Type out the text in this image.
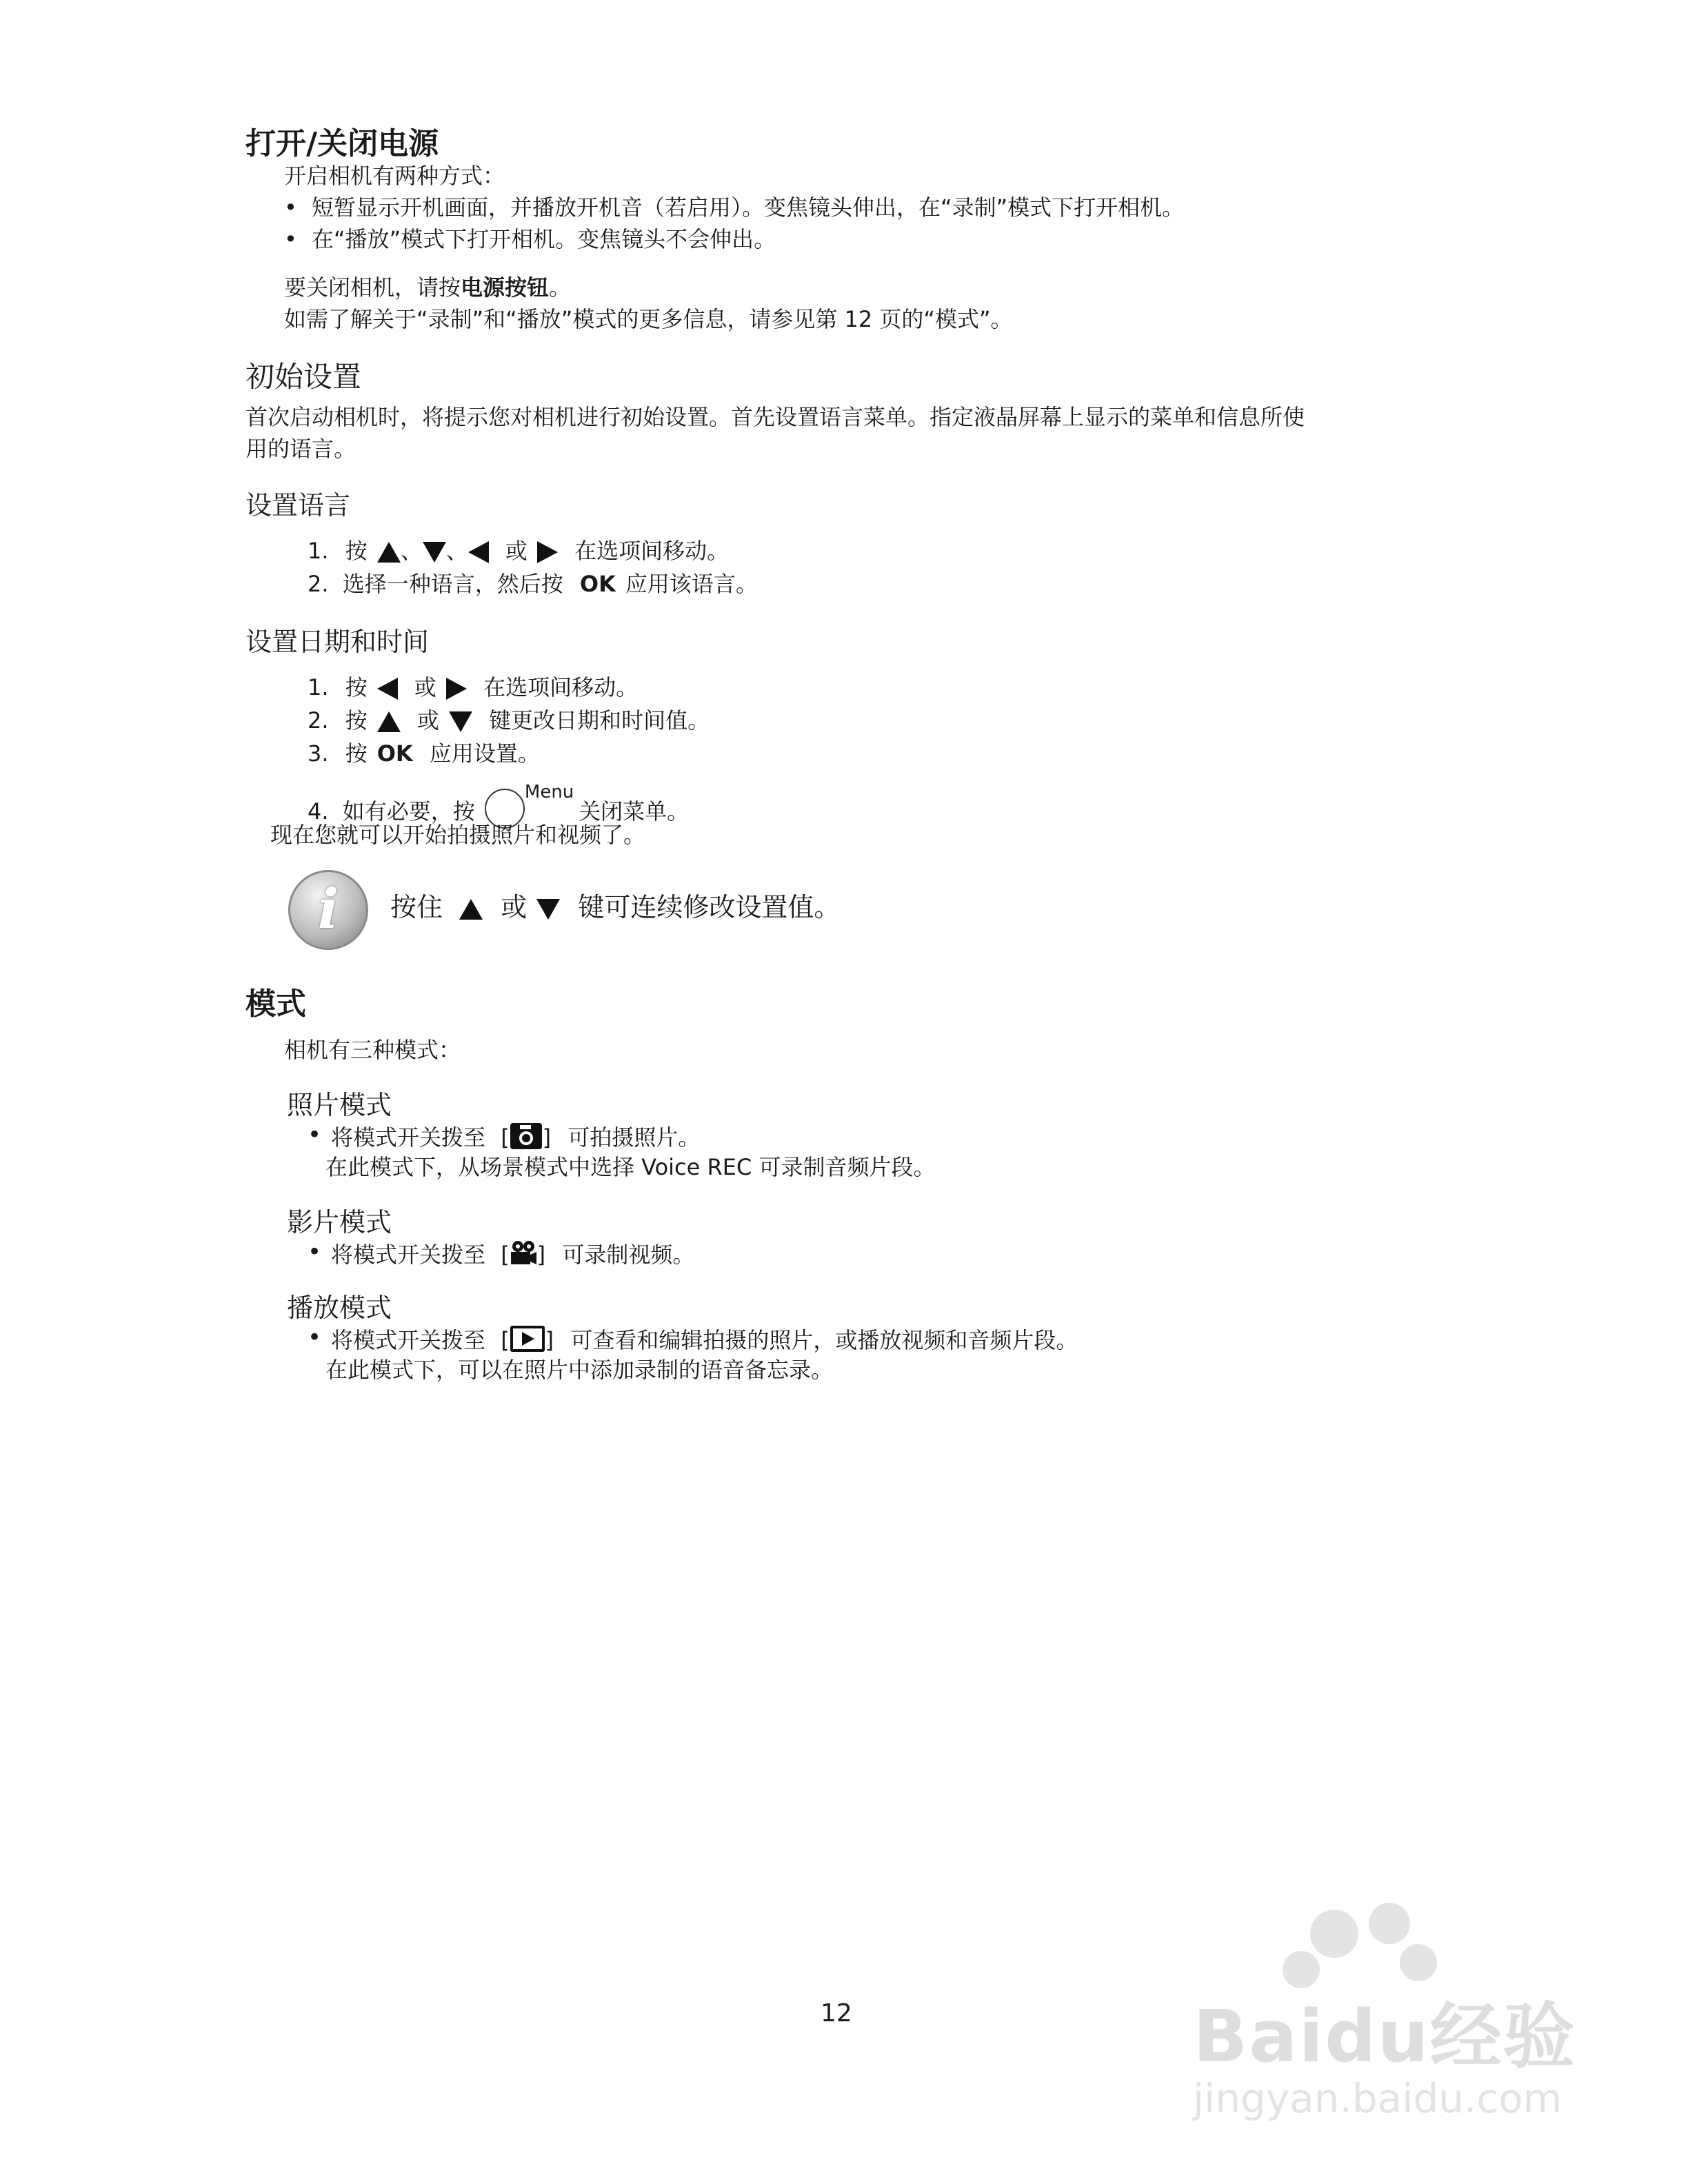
打开/关闭电源
开启相机有两种方式：
• 短暂显示开机画面，并播放开机音（若启用）。变焦镜头伸出，在“录制”模式下打开相机。
• 在“播放”模式下打开相机。变焦镜头不会伸出。
要关闭相机，请按电源按钮。
如需了解关于“录制”和“播放”模式的更多信息，请参见第 12 页的“模式”。
初始设置
首次启动相机时，将提示您对相机进行初始设置。首先设置语言菜单。指定液晶屏幕上显示的菜单和信息所使
用的语言。
设置语言
1. 按 、 、 或 在选项间移动。
2. 选择一种语言，然后按 OK 应用该语言。
设置日期和时间
1. 按 或 在选项间移动。
2. 按 或 键更改日期和时间值。
3. 按 OK 应用设置。
4. 如有必要，按
Menu
关闭菜单。
现在您就可以开始拍摄照片和视频了。
i	按住 或 键可连续修改设置值。
模式
相机有三种模式：
照片模式
• 将模式开关拨至 [ ] 可拍摄照片。
在此模式下，从场景模式中选择 Voice REC 可录制音频片段。
影片模式
• 将模式开关拨至 [ ] 可录制视频。
播放模式
• 将模式开关拨至 [ ] 可查看和编辑拍摄的照片，或播放视频和音频片段。
在此模式下，可以在照片中添加录制的语音备忘录。
12	Baidu经验
jingyan.baidu.com
